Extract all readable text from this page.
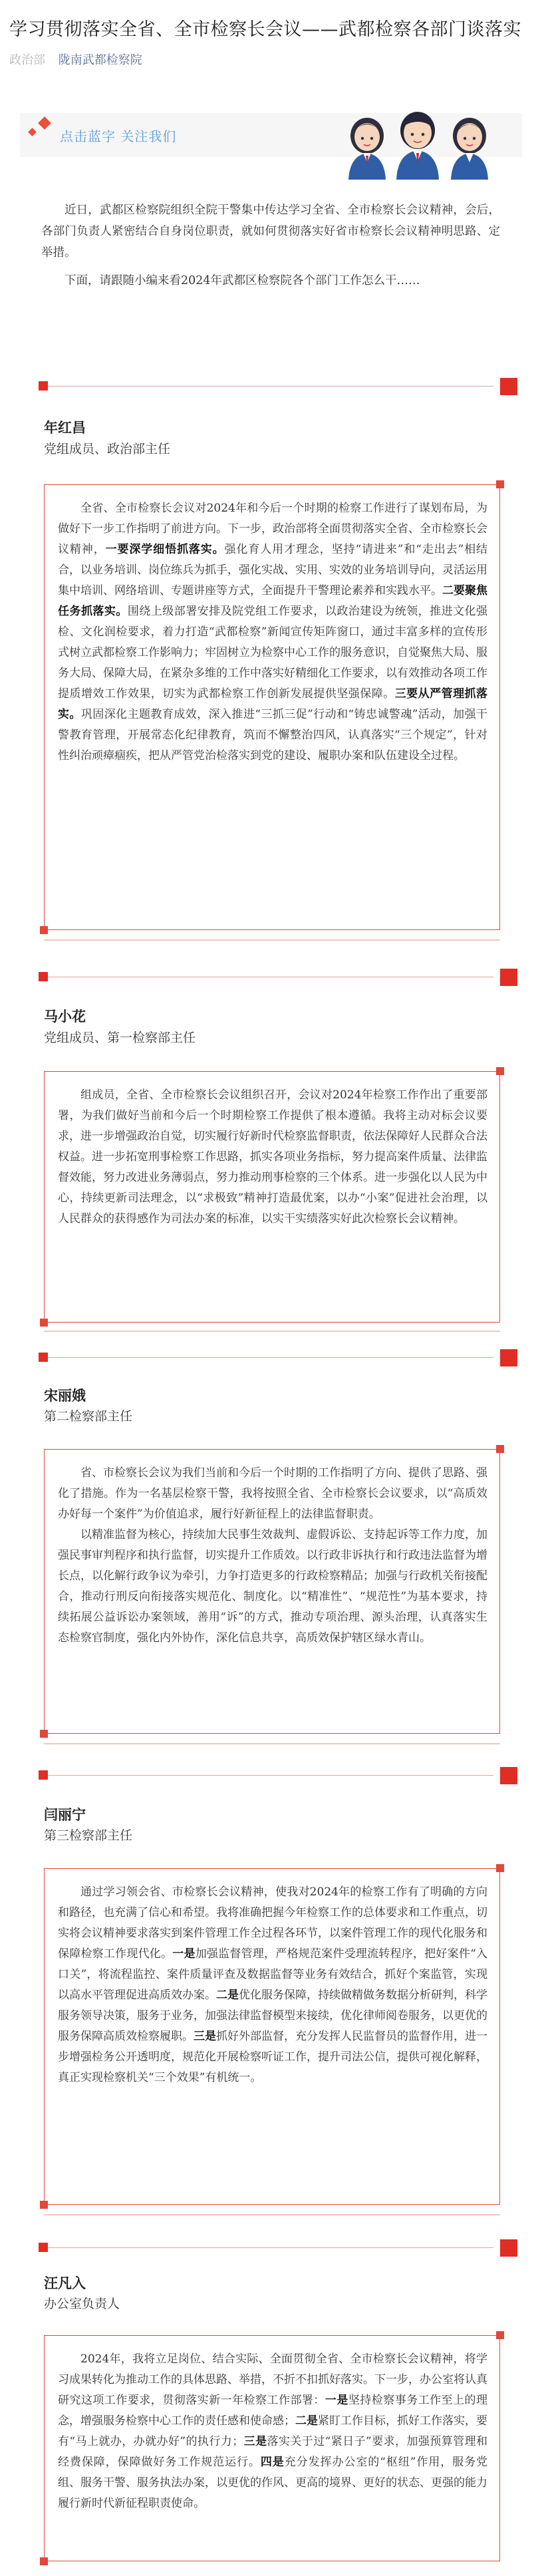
学习贯彻落实全省、全市检察长会议——武都检察各部门谈落实
政治部 陇南武都检察院
点击蓝字 关注我们

近日，武都区检察院组织全院干警集中传达学习全省、全市检察长会议精神，会后，各部门负责人紧密结合自身岗位职责，就如何贯彻落实好省市检察长会议精神明思路、定举措。

下面，请跟随小编来看2024年武都区检察院各个部门工作怎么干……

年红昌
党组成员、政治部主任

全省、全市检察长会议对2024年和今后一个时期的检察工作进行了谋划布局，为做好下一步工作指明了前进方向。下一步，政治部将全面贯彻落实全省、全市检察长会议精神，一要深学细悟抓落实。强化育人用才理念，坚持“请进来”和“走出去”相结合，以业务培训、岗位练兵为抓手，强化实战、实用、实效的业务培训导向，灵活运用集中培训、网络培训、专题讲座等方式，全面提升干警理论素养和实践水平。二要聚焦任务抓落实。围绕上级部署安排及院党组工作要求，以政治建设为统领，推进文化强检、文化润检要求，着力打造“武都检察”新闻宣传矩阵窗口，通过丰富多样的宣传形式树立武都检察工作影响力；牢固树立为检察中心工作的服务意识，自觉聚焦大局、服务大局、保障大局，在紧杂多维的工作中落实好精细化工作要求，以有效推动各项工作提质增效工作效果，切实为武都检察工作创新发展提供坚强保障。三要从严管理抓落实。巩固深化主题教育成效，深入推进“三抓三促”行动和“铸忠诚警魂”活动，加强干警教育管理，开展常态化纪律教育，筑而不懈整治四风，认真落实“三个规定”，针对性纠治顽瘴痼疾，把从严管党治检落实到党的建设、履职办案和队伍建设全过程。

马小花
党组成员、第一检察部主任

组成员，全省、全市检察长会议组织召开，会议对2024年检察工作作出了重要部署，为我们做好当前和今后一个时期检察工作提供了根本遵循。我将主动对标会议要求，进一步增强政治自觉，切实履行好新时代检察监督职责，依法保障好人民群众合法权益。进一步拓宽刑事检察工作思路，抓实各项业务指标，努力提高案件质量、法律监督效能，努力改进业务薄弱点，努力推动刑事检察的三个体系。进一步强化以人民为中心，持续更新司法理念，以“求极致”精神打造最优案，以办“小案”促进社会治理，以人民群众的获得感作为司法办案的标准，以实干实绩落实好此次检察长会议精神。

宋丽娥
第二检察部主任

省、市检察长会议为我们当前和今后一个时期的工作指明了方向、提供了思路、强化了措施。作为一名基层检察干警，我将按照全省、全市检察长会议要求，以“高质效办好每一个案件”为价值追求，履行好新征程上的法律监督职责。

以精准监督为核心，持续加大民事生效裁判、虚假诉讼、支持起诉等工作力度，加强民事审判程序和执行监督，切实提升工作质效。以行政非诉执行和行政违法监督为增长点，以化解行政争议为牵引，力争打造更多的行政检察精品；加强与行政机关衔接配合，推动行刑反向衔接落实规范化、制度化。以“精准性”、“规范性”为基本要求，持续拓展公益诉讼办案领域，善用“诉”的方式，推动专项治理、源头治理，认真落实生态检察官制度，强化内外协作，深化信息共享，高质效保护辖区绿水青山。

闫丽宁
第三检察部主任

通过学习领会省、市检察长会议精神，使我对2024年的检察工作有了明确的方向和路径，也充满了信心和希望。我将准确把握今年检察工作的总体要求和工作重点，切实将会议精神要求落实到案件管理工作全过程各环节，以案件管理工作的现代化服务和保障检察工作现代化。一是加强监督管理，严格规范案件受理流转程序，把好案件“入口关”，将流程监控、案件质量评查及数据监督等业务有效结合，抓好个案监管，实现以高水平管理促进高质效办案。二是优化服务保障，持续做精做务数据分析研判，科学服务领导决策，服务于业务，加强法律监督模型来接续，优化律师阅卷服务，以更优的服务保障高质效检察履职。三是抓好外部监督，充分发挥人民监督员的监督作用，进一步增强检务公开透明度，规范化开展检察听证工作，提升司法公信，提供可视化解释，真正实现检察机关“三个效果”有机统一。

汪凡入
办公室负责人

2024年，我将立足岗位、结合实际、全面贯彻全省、全市检察长会议精神，将学习成果转化为推动工作的具体思路、举措，不折不扣抓好落实。下一步，办公室将认真研究这项工作要求，贯彻落实新一年检察工作部署：一是坚持检察事务工作至上的理念，增强服务检察中心工作的责任感和使命感；二是紧盯工作目标，抓好工作落实，要有“马上就办，办就办好”的执行力；三是落实关于过“紧日子”要求，加强预算管理和经费保障，保障做好务工作规范运行。四是充分发挥办公室的“枢纽”作用，服务党组、服务干警、服务执法办案，以更优的作风、更高的境界、更好的状态、更强的能力履行新时代新征程职责使命。
